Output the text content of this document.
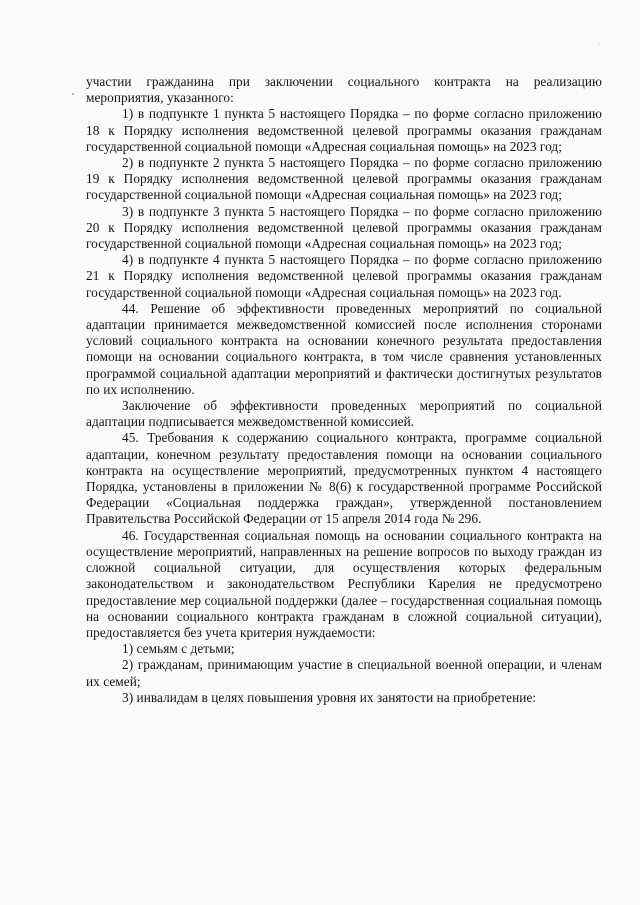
·

участии гражданина при заключении социального контракта на реализацию мероприятия, указанного:

1) в подпункте 1 пункта 5 настоящего Порядка – по форме согласно приложению 18 к Порядку исполнения ведомственной целевой программы оказания гражданам государственной социальной помощи «Адресная социальная помощь» на 2023 год;

2) в подпункте 2 пункта 5 настоящего Порядка – по форме согласно приложению 19 к Порядку исполнения ведомственной целевой программы оказания гражданам государственной социальной помощи «Адресная социальная помощь» на 2023 год;

3) в подпункте 3 пункта 5 настоящего Порядка – по форме согласно приложению 20 к Порядку исполнения ведомственной целевой программы оказания гражданам государственной социальной помощи «Адресная социальная помощь» на 2023 год;

4) в подпункте 4 пункта 5 настоящего Порядка – по форме согласно приложению 21 к Порядку исполнения ведомственной целевой программы оказания гражданам государственной социальной помощи «Адресная социальная помощь» на 2023 год.

44. Решение об эффективности проведенных мероприятий по социальной адаптации принимается межведомственной комиссией после исполнения сторонами условий социального контракта на основании конечного результата предоставления помощи на основании социального контракта, в том числе сравнения установленных программой социальной адаптации мероприятий и фактически достигнутых результатов по их исполнению.

Заключение об эффективности проведенных мероприятий по социальной адаптации подписывается межведомственной комиссией.

45. Требования к содержанию социального контракта, программе социальной адаптации, конечном результату предоставления помощи на основании социального контракта на осуществление мероприятий, предусмотренных пунктом 4 настоящего Порядка, установлены в приложении № 8(6) к государственной программе Российской Федерации «Социальная поддержка граждан», утвержденной постановлением Правительства Российской Федерации от 15 апреля 2014 года № 296.

46. Государственная социальная помощь на основании социального контракта на осуществление мероприятий, направленных на решение вопросов по выходу граждан из сложной социальной ситуации, для осуществления которых федеральным законодательством и законодательством Республики Карелия не предусмотрено предоставление мер социальной поддержки (далее – государственная социальная помощь на основании социального контракта гражданам в сложной социальной ситуации), предоставляется без учета критерия нуждаемости:

1) семьям с детьми;

2) гражданам, принимающим участие в специальной военной операции, и членам их семей;

3) инвалидам в целях повышения уровня их занятости на приобретение:
